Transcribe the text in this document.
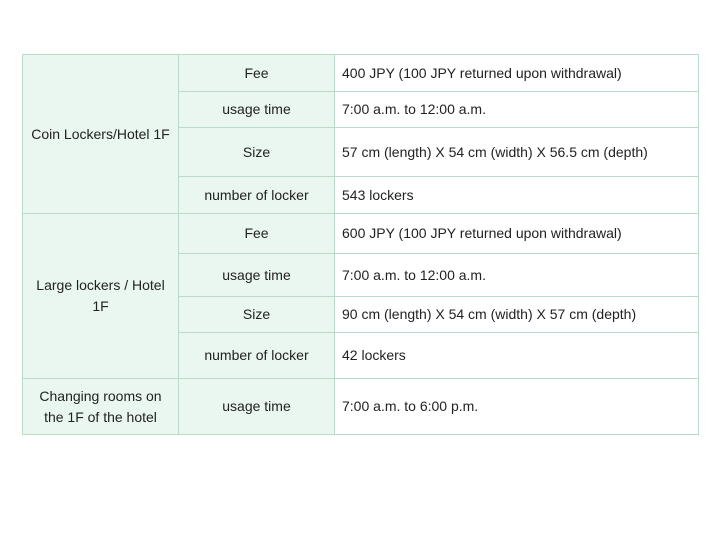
Coin Lockers/Hotel 1F	Fee	400 JPY (100 JPY returned upon withdrawal)
	usage time	7:00 a.m. to 12:00 a.m.
	Size	57 cm (length) X 54 cm (width) X 56.5 cm (depth)
	number of locker	543 lockers

Large lockers / Hotel 1F	Fee	600 JPY (100 JPY returned upon withdrawal)
	usage time	7:00 a.m. to 12:00 a.m.
	Size	90 cm (length) X 54 cm (width) X 57 cm (depth)
	number of locker	42 lockers

Changing rooms on the 1F of the hotel	usage time	7:00 a.m. to 6:00 p.m.
